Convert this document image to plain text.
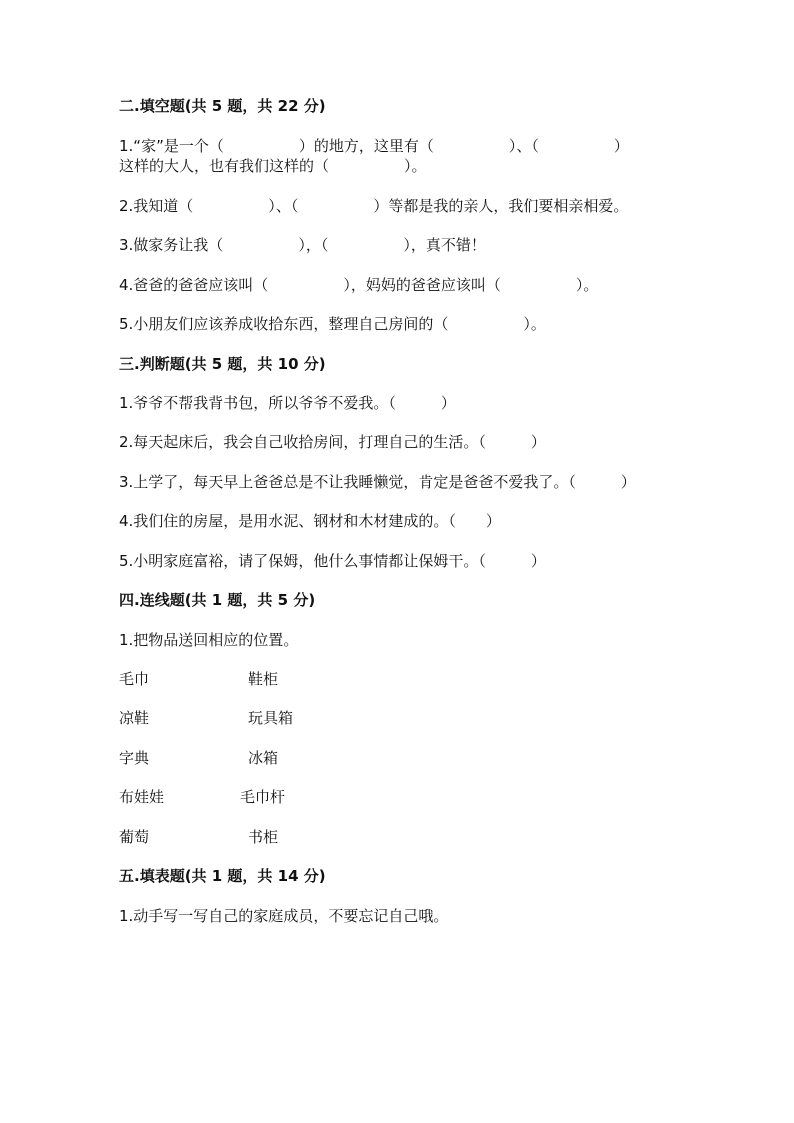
二.填空题(共 5 题，共 22 分)
1.“家”是一个（　　　　　）的地方，这里有（　　　　　）、（　　　　　）
这样的大人，也有我们这样的（　　　　　）。
2.我知道（　　　　　）、（　　　　　）等都是我的亲人，我们要相亲相爱。
3.做家务让我（　　　　　），（　　　　　），真不错！
4.爸爸的爸爸应该叫（　　　　　），妈妈的爸爸应该叫（　　　　　）。
5.小朋友们应该养成收拾东西，整理自己房间的（　　　　　）。
三.判断题(共 5 题，共 10 分)
1.爷爷不帮我背书包，所以爷爷不爱我。（　　　）
2.每天起床后，我会自己收拾房间，打理自己的生活。（　　　）
3.上学了，每天早上爸爸总是不让我睡懒觉，肯定是爸爸不爱我了。（　　　）
4.我们住的房屋，是用水泥、钢材和木材建成的。（　　）
5.小明家庭富裕，请了保姆，他什么事情都让保姆干。（　　　）
四.连线题(共 1 题，共 5 分)
1.把物品送回相应的位置。
毛巾	鞋柜
凉鞋	玩具箱
字典	冰箱
布娃娃	毛巾杆
葡萄	书柜
五.填表题(共 1 题，共 14 分)
1.动手写一写自己的家庭成员，不要忘记自己哦。
